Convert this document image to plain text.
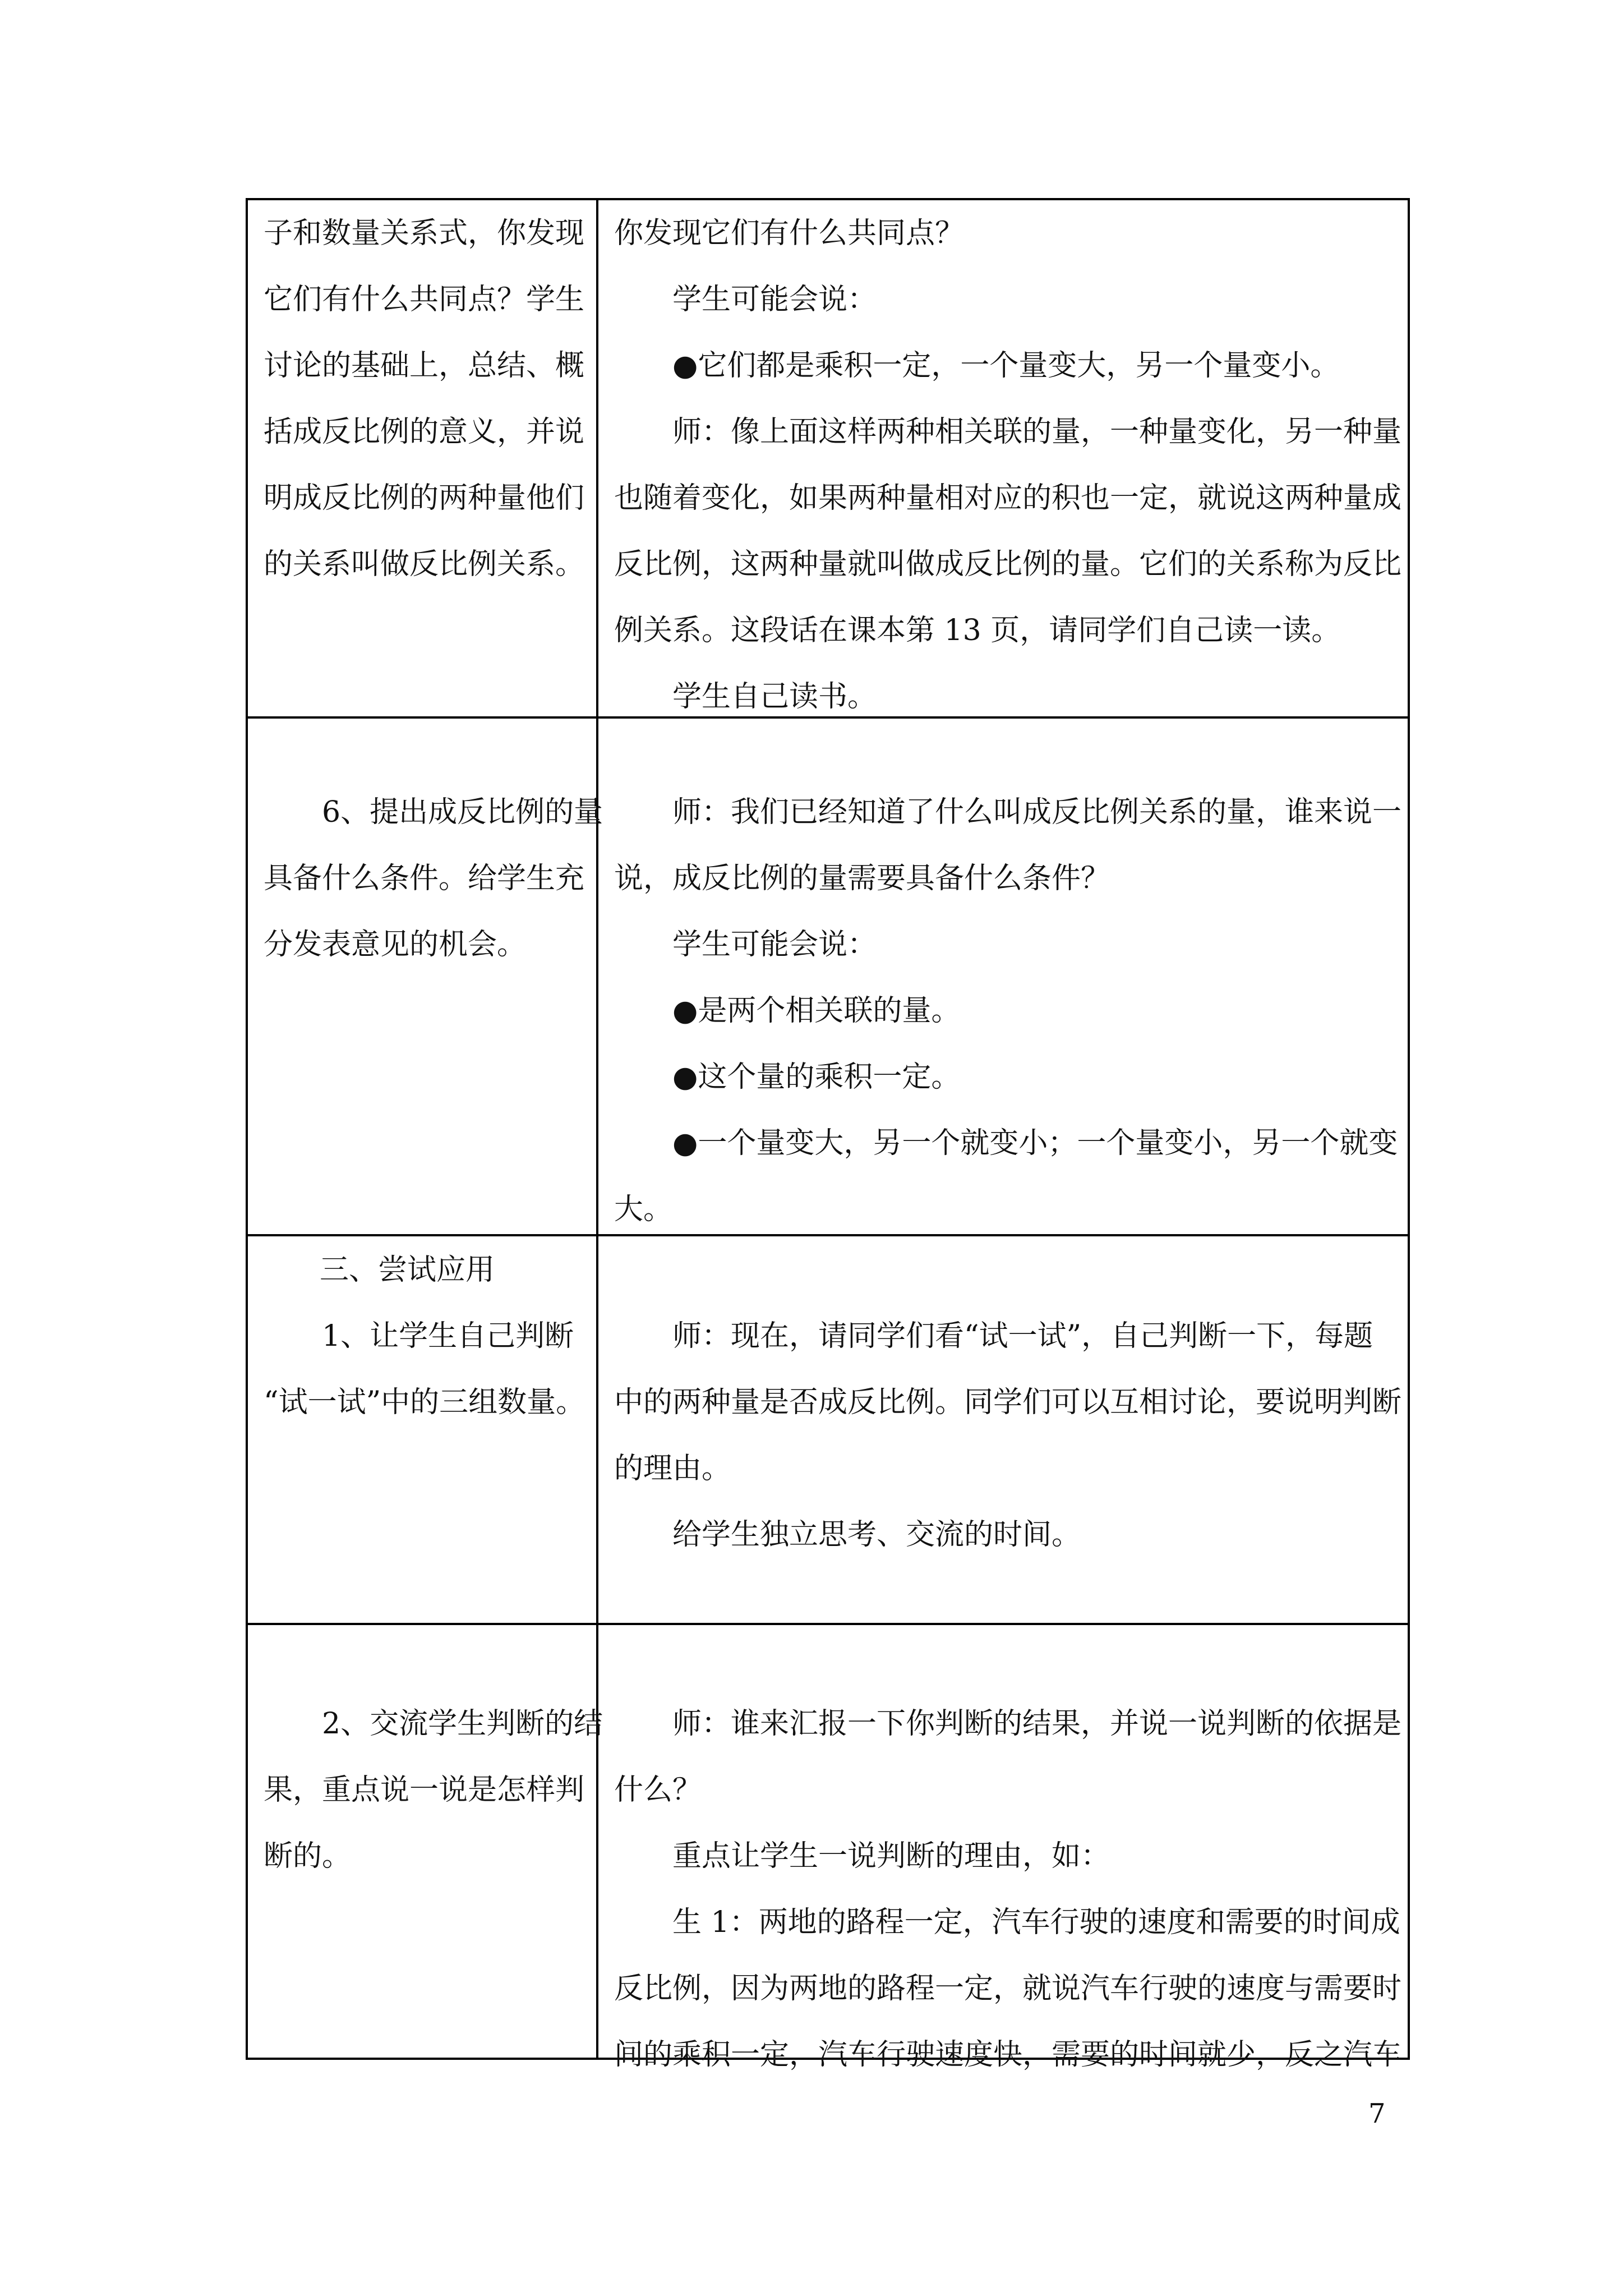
子和数量关系式，你发现
它们有什么共同点？学生
讨论的基础上，总结、概
括成反比例的意义，并说
明成反比例的两种量他们
的关系叫做反比例关系。
你发现它们有什么共同点？
学生可能会说：
●它们都是乘积一定，一个量变大，另一个量变小。
师：像上面这样两种相关联的量，一种量变化，另一种量
也随着变化，如果两种量相对应的积也一定，就说这两种量成
反比例，这两种量就叫做成反比例的量。它们的关系称为反比
例关系。这段话在课本第 13 页，请同学们自己读一读。
学生自己读书。
6、提出成反比例的量
具备什么条件。给学生充
分发表意见的机会。
师：我们已经知道了什么叫成反比例关系的量，谁来说一
说，成反比例的量需要具备什么条件？
学生可能会说：
●是两个相关联的量。
●这个量的乘积一定。
●一个量变大，另一个就变小；一个量变小，另一个就变
大。
三、尝试应用
1、让学生自己判断
“试一试”中的三组数量。
师：现在，请同学们看“试一试”，自己判断一下，每题
中的两种量是否成反比例。同学们可以互相讨论，要说明判断
的理由。
给学生独立思考、交流的时间。
2、交流学生判断的结
果，重点说一说是怎样判
断的。
师：谁来汇报一下你判断的结果，并说一说判断的依据是
什么？
重点让学生一说判断的理由，如：
生 1：两地的路程一定，汽车行驶的速度和需要的时间成
反比例，因为两地的路程一定，就说汽车行驶的速度与需要时
间的乘积一定，汽车行驶速度快，需要的时间就少，反之汽车
7
